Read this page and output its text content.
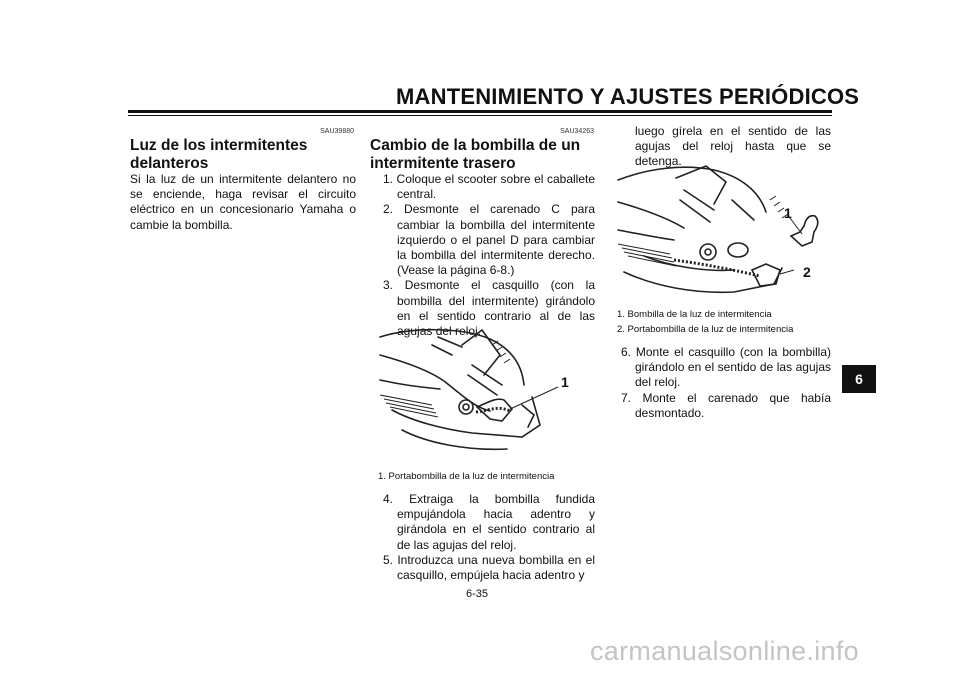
MANTENIMIENTO Y AJUSTES PERIÓDICOS
SAU39880
Luz de los intermitentes delanteros
Si la luz de un intermitente delantero no se enciende, haga revisar el circuito eléctrico en un concesionario Yamaha o cambie la bombilla.
SAU34263
Cambio de la bombilla de un intermitente trasero
1. Coloque el scooter sobre el caballete central.
2. Desmonte el carenado C para cambiar la bombilla del intermitente izquierdo o el panel D para cambiar la bombilla del intermitente derecho. (Vease la página 6-8.)
3. Desmonte el casquillo (con la bombilla del intermitente) girándolo en el sentido contrario al de las agujas del reloj.
1
1. Portabombilla de la luz de intermitencia
4. Extraiga la bombilla fundida empujándola hacia adentro y girándola en el sentido contrario al de las agujas del reloj.
5. Introduzca una nueva bombilla en el casquillo, empújela hacia adentro y
luego gírela en el sentido de las agujas del reloj hasta que se detenga.
1
2
1. Bombilla de la luz de intermitencia
2. Portabombilla de la luz de intermitencia
6. Monte el casquillo (con la bombilla) girándolo en el sentido de las agujas del reloj.
7. Monte el carenado que había desmontado.
6
6-35
carmanualsonline.info
